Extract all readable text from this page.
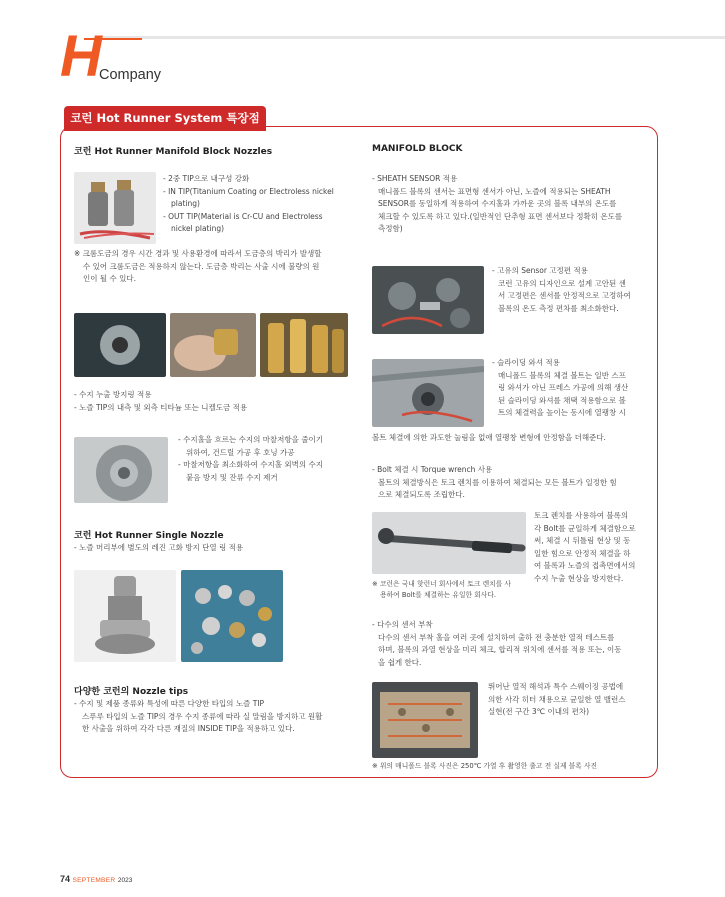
H
Company
코런 Hot Runner System 특장점
코런 Hot Runner Manifold Block Nozzles

- 2중 TIP으로 내구성 강화

- IN TIP(Titanium Coating or Electroless nickel

plating)

- OUT TIP(Material is Cr-CU and Electroless

nickel plating)

※ 크롬도금의 경우 시간 경과 및 사용환경에 따라서 도금층의 박리가 발생할

수 있어 크롬도금은 적용하지 않는다. 도금층 박리는 사출 시에 불량의 원

인이 될 수 있다.

- 수지 누출 방지링 적용

- 노즐 TIP의 내측 및 외측 티타늄 또는 니켈도금 적용

- 수지홀을 흐르는 수지의 마찰저항을 줄이기

위하여, 건드릴 가공 후 호닝 가공

- 마찰저항을 최소화하여 수지홀 외벽의 수지

붙음 방지 및 잔류 수지 제거

코런 Hot Runner Single Nozzle

- 노즐 머리부에 별도의 레진 고화 방지 단열 링 적용

다양한 코런의 Nozzle tips

- 수지 및 제품 종류와 특성에 따른 다양한 타입의 노즐 TIP

스푸루 타입의 노즐 TIP의 경우 수지 종류에 따라 실 말림을 방지하고 원활

한 사출을 위하여 각각 다른 재질의 INSIDE TIP을 적용하고 있다.

MANIFOLD BLOCK

- SHEATH SENSOR 적용

매니폴드 블록의 센서는 표면형 센서가 아닌, 노즐에 적용되는 SHEATH

SENSOR를 동일하게 적용하여 수지홀과 가까운 곳의 블록 내부의 온도를

체크할 수 있도록 하고 있다.(일반적인 단추형 표면 센서보다 정확히 온도를

측정함)

- 고유의 Sensor 고정편 적용

코런 고유의 디자인으로 설계 고안된 센

서 고정편은 센서를 안정적으로 고정하여

블록의 온도 측정 편차를 최소화한다.

- 슬라이딩 와셔 적용

매니폴드 블록의 체결 볼트는 일반 스프

링 와셔가 아닌 프레스 가공에 의해 생산

된 슬라이딩 와셔를 채택 적용함으로 볼

트의 체결력을 높이는 동시에 열팽창 시

볼트 체결에 의한 과도한 눌림을 없애 열팽창 변형에 안정함을 더해준다.

- Bolt 체결 시 Torque wrench 사용

볼트의 체결방식은 토크 렌치를 이용하여 체결되는 모든 볼트가 일정한 힘

으로 체결되도록 조립한다.

※ 코런은 국내 핫런너 회사에서 토크 렌치를 사

용하여 Bolt를 체결하는 유일한 회사다.

토크 렌치를 사용하여 블록의

각 Bolt를 균일하게 체결함으로

써, 체결 시 뒤틀림 현상 및 동

일한 힘으로 안정적 체결을 하

여 블록과 노즐의 접촉면에서의

수지 누출 현상을 방지한다.

- 다수의 센서 부착

다수의 센서 부착 홀을 여러 곳에 설치하여 출하 전 충분한 열적 테스트를

하며, 블록의 과열 현상을 미리 체크, 합리적 위치에 센서를 적용 또는, 이동

을 쉽게 한다.

뛰어난 열적 해석과 특수 스웨이징 공법에

의한 사각 히터 채용으로 균일한 열 밸런스

실현(전 구간 3℃ 이내의 편차)

※ 위의 매니폴드 블록 사진은 250℃ 가열 후 촬영한 출고 전 실제 블록 사진

74 SEPTEMBER 2023
